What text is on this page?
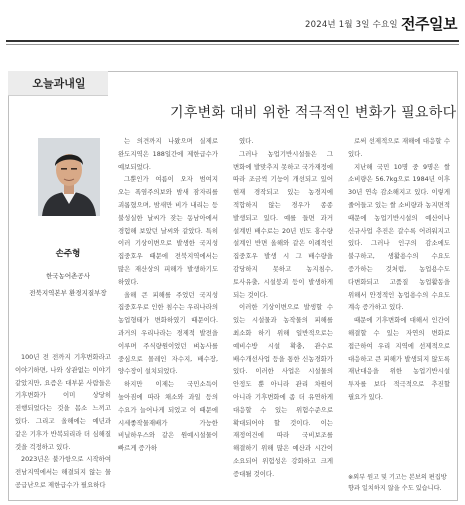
2024년 1월 3일 수요일 전주일보
오늘과내일
기후변화 대비 위한 적극적인 변화가 필요하다
손주형
한국농어촌공사
전북지역본부 환경지질부장

100년 전 전까지 기후변화라고 이야기하면, 나와 상관없는 이야기 같았지만, 요즘은 대부분 사람들은 기후변화가 이미 상당히 진행되었다는 것을 몸소 느끼고 있다. 그리고 올해에는 예년과 같은 기후가 반복되리라 더 심해질 것을 걱정하고 있다.

2023년은 불가항으로 시작하여 전남지역에서는 해결되지 않는 물 공급난으로 제한급수가 필요하다

는 의견까지 나왔으며 실제로 완도지역은 188일간에 제한급수가 예보되었다.

그뿐인가 여름이 오자 범여지 오는 폭염주의보와 밤새 잠자리를 괴롭혔으며, 밤새만 비가 내리는 등 불성실한 날씨가 잦는 동남아에서 경험해 보았던 날씨와 같았다. 특히 이러 기상이변으로 발생한 국지성 집중호우 때문에 전북지역에서는 많은 재산상의 피해가 발생하기도 하였다.

올해 큰 피해를 주었던 국지성 집중호우로 인한 침수는 우리나라의 농업형태가 변화하였기 때문이다. 과거의 우리나라는 경제적 발전을 이루며 주식량원이었던 벼농사를 중심으로 몰레인 자수지, 배수장, 양수장이 설치되었다.

하지만 이제는 국민소득이 높아짐에 따라 채소와 과일 등의 수요가 늘어나게 되었고 이 때문에 시세좋작물재배가 가능한 비닐하우스와 같은 원예시설물이 빠르게 증가하

였다.

그러나 농업기반시설들은 그 변화에 발맞추지 못하고 국가재정에 따라 조금씩 기능이 개선되고 있어 현재 경작되고 있는 농경지에 적합하지 않는 경우가 종종 발생되고 있다. 예를 들면 과거 설계빈 배수로는 20년 빈도 홍수량 설계인 반면 올해와 같은 이례적인 집중호우 발생 시 그 배수량을 감당하지 못하고 농지침수, 토사유출, 시설붕괴 등이 발생하게 되는 것이다.

이러한 기상이변으로 발생할 수 있는 시설물과 농작물의 피해를 최소화 하기 위해 일반적으로는 예비수방 시설 확충, 관수로 배수개선사업 등을 통한 신농경화가 있다. 이러한 사업은 시설물의 안정도 뿐 아니라 관리 차원이 아니라 기후변화에 좀 더 유연하게 대응할 수 있는 위험수준으로 확대되어야 할 것이다. 이는 재정여건에 따라 국비보조를 해결하기 위해 많은 예산과 시간이 소요되어 위험성은 강화하고 크게 증대될 것이다.

로써 선제적으로 재해에 대응할 수 있다.

지난해 국민 10명 중 9명은 쌀 소비량은 56.7kg으로 1984년 이후 30년 연속 감소해지고 있다. 이렇게 줄어들고 있는 쌀 소비량과 농지면적 때문에 농업기반시설의 예산이나 신규사업 추진은 갈수록 어려워지고 있다. 그러나 인구의 감소에도 불구하고, 생활용수의 수요도 증가하는 것처럼, 농업용수도 다변화되고 고품질 농업활동을 위해서 안정적인 농업용수의 수요도 계속 증가하고 있다.

때문에 기후변화에 대해서 인간이 해결할 수 있는 자연의 변화로 접근하여 우리 지역에 선제적으로 대응하고 큰 피해가 발생되지 않도록 재난대응을 위한 농업기반시설 투자를 보다 적극적으로 추진할 필요가 있다.

※외부 원고 및 기고는 본보의 편집방향과 일치하지 않을 수도 있습니다.
